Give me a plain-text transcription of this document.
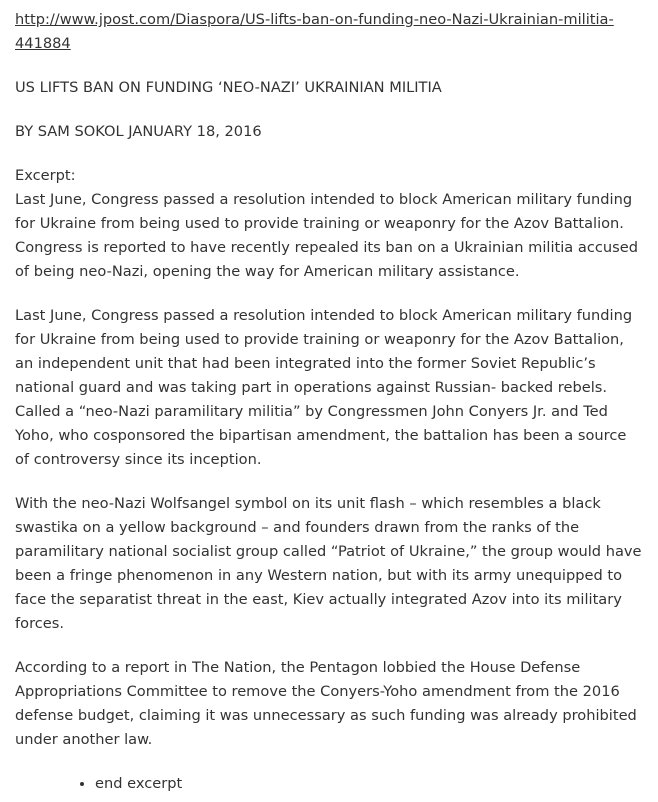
http://www.jpost.com/Diaspora/US-lifts-ban-on-funding-neo-Nazi-Ukrainian-militia-
441884

US LIFTS BAN ON FUNDING ‘NEO-NAZI’ UKRAINIAN MILITIA

BY SAM SOKOL JANUARY 18, 2016

Excerpt:
Last June, Congress passed a resolution intended to block American military funding for Ukraine from being used to provide training or weaponry for the Azov Battalion. Congress is reported to have recently repealed its ban on a Ukrainian militia accused of being neo-Nazi, opening the way for American military assistance.

Last June, Congress passed a resolution intended to block American military funding for Ukraine from being used to provide training or weaponry for the Azov Battalion, an independent unit that had been integrated into the former Soviet Republic’s national guard and was taking part in operations against Russian- backed rebels. Called a “neo-Nazi paramilitary militia” by Congressmen John Conyers Jr. and Ted Yoho, who cosponsored the bipartisan amendment, the battalion has been a source of controversy since its inception.

With the neo-Nazi Wolfsangel symbol on its unit flash – which resembles a black swastika on a yellow background – and founders drawn from the ranks of the paramilitary national socialist group called “Patriot of Ukraine,” the group would have been a fringe phenomenon in any Western nation, but with its army unequipped to face the separatist threat in the east, Kiev actually integrated Azov into its military forces.

According to a report in The Nation, the Pentagon lobbied the House Defense Appropriations Committee to remove the Conyers-Yoho amendment from the 2016 defense budget, claiming it was unnecessary as such funding was already prohibited under another law.

• end excerpt
